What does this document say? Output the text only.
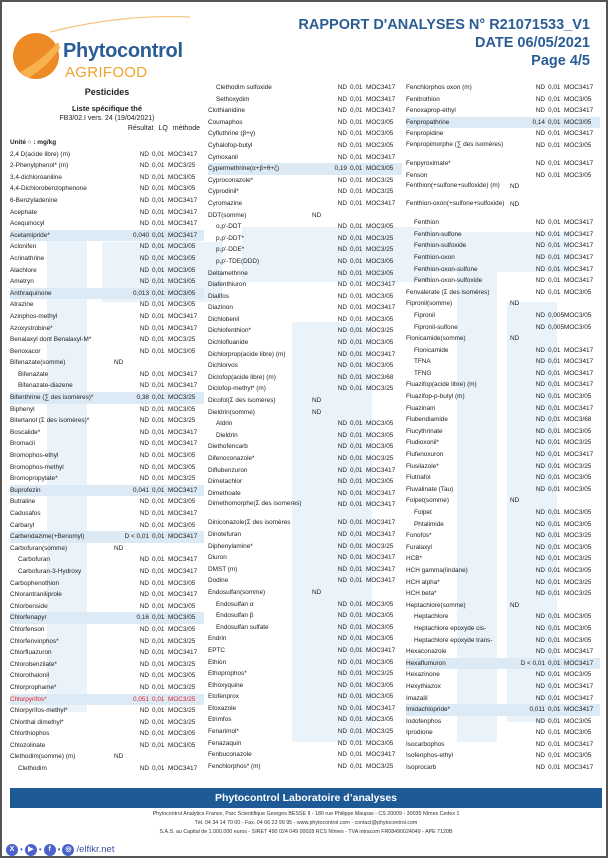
Phytocontrol
AGRIFOOD
RAPPORT D'ANALYSES N° R21071533_V1
DATE 06/05/2021
Page 4/5
Pesticides
Liste spécifique thé
FB3/02.I vers. 24 (19/04/2021)
Résultat LQ méthode
Unité ○ : mg/kg
2,4 D(acide libre) (m)	ND 0,01 MOC3417
2-Phenylphenol* (m)	ND 0,01 MOC3/25
3,4-dichloroaniline	ND 0,01 MOC3/05
4,4-Dichlorobenzophenone	ND 0,01 MOC3/05
6-Benzyladenine	ND 0,01 MOC3417
Acephate	ND 0,01 MOC3417
Acequinocyl	ND 0,01 MOC3417
Acetamipride*	0,040 0,01 MOC3417
Aclonifen	ND 0,01 MOC3/05
Acrinathrine	ND 0,01 MOC3/05
Alachlore	ND 0,01 MOC3/05
Ametryn	ND 0,01 MOC3/05
Anthraquinone	0,013 0,01 MOC3/05
Atrazine	ND 0,01 MOC3/05
Azinphos-methyl	ND 0,01 MOC3417
Azoxystrobine*	ND 0,01 MOC3417
Benalaxyl dont Benalaxyl-M*	ND 0,01 MOC3/25
Benoxacor	ND 0,01 MOC3/05
Bifenazate(somme)	ND
Bifenazate	ND 0,01 MOC3417
Bifenazate-diazene	ND 0,01 MOC3417
Bifenthrine (∑ des isomères)*	0,38 0,01 MOC3/25
Biphenyl	ND 0,01 MOC3/05
Bitertanol (Σ des isomères)*	ND 0,01 MOC3/25
Boscalide*	ND 0,01 MOC3417
Bromacil	ND 0,01 MOC3417
Bromophos-ethyl	ND 0,01 MOC3/05
Bromophos-methyl	ND 0,01 MOC3/05
Bromopropylate*	ND 0,01 MOC3/25
Buprofezin	0,041 0,01 MOC3417
Butraline	ND 0,01 MOC3/05
Cadusafos	ND 0,01 MOC3417
Carbaryl	ND 0,01 MOC3/05
Carbendazime(+Benomyl)	D < 0,01 0,01 MOC3417
Carbofuran(somme)	ND
Carbofuran	ND 0,01 MOC3417
Carbofuran-3-Hydroxy	ND 0,01 MOC3417
Carbophenothion	ND 0,01 MOC3/05
Chlorantraniliprole	ND 0,01 MOC3417
Chlorbenside	ND 0,01 MOC3/05
Chlorfenapyr	0,16 0,01 MOC3/05
Chlorfenson	ND 0,01 MOC3/05
Chlorfenvinphos*	ND 0,01 MOC3/25
Chlorfluazuron	ND 0,01 MOC3417
Chlorobenzilate*	ND 0,01 MOC3/25
Chlorothalonil	ND 0,01 MOC3/05
Chlorprophame*	ND 0,01 MOC3/25
Chlorpyrifos*	0,051 0,01 MOC3/25
Chlorpyrifos-methyl*	ND 0,01 MOC3/25
Chlorthal dimethyl*	ND 0,01 MOC3/25
Chlorthiophos	ND 0,01 MOC3/05
Chlozolinate	ND 0,01 MOC3/05
Clethodim(somme) (m)	ND
Clethodim	ND 0,01 MOC3417
Clethodim sulfoxide	ND 0,01 MOC3417
Sethoxydim	ND 0,01 MOC3417
Clothianidine	ND 0,01 MOC3417
Coumaphos	ND 0,01 MOC3/05
Cyfluthrine (β+γ)	ND 0,01 MOC3/05
Cyhalofop-butyl	ND 0,01 MOC3/05
Cymoxanil	ND 0,01 MOC3417
Cypermethrine(α+β+θ+ζ)	0,19 0,01 MOC3/05
Cyproconazole*	ND 0,01 MOC3/25
Cyprodinil*	ND 0,01 MOC3/25
Cyromazine	ND 0,01 MOC3417
DDT(somme)	ND
o,p'-DDT	ND 0,01 MOC3/05
p,p'-DDT*	ND 0,01 MOC3/25
p,p'-DDE*	ND 0,01 MOC3/25
p,p'-TDE(DDD)	ND 0,01 MOC3/05
Deltamethrine	ND 0,01 MOC3/05
Diafenthiuron	ND 0,01 MOC3417
Dialifos	ND 0,01 MOC3/05
Diazinon	ND 0,01 MOC3417
Dichlobenil	ND 0,01 MOC3/05
Dichlofenthion*	ND 0,01 MOC3/25
Dichlofluanide	ND 0,01 MOC3/05
Dichlorprop(acide libre) (m)	ND 0,01 MOC3417
Dichlorvos	ND 0,01 MOC3/05
Diclofop(acide libre) (m)	ND 0,01 MOC3/68
Diclofop-methyl* (m)	ND 0,01 MOC3/25
Dicofol(Σ des isomères)	ND
Dieldrin(somme)	ND
Aldrin	ND 0,01 MOC3/05
Dieldrin	ND 0,01 MOC3/05
Diethofencarb	ND 0,01 MOC3/05
Difenoconazole*	ND 0,01 MOC3/25
Diflubenzuron	ND 0,01 MOC3417
Dimetachlor	ND 0,01 MOC3/05
Dimethoate	ND 0,01 MOC3417
Dimethomorphe(Σ des isomeres)	ND 0,01 MOC3417
Diniconazole(Σ des isomères	ND 0,01 MOC3417
Dinotefuran	ND 0,01 MOC3417
Diphenylamine*	ND 0,01 MOC3/25
Diuron	ND 0,01 MOC3417
DMST (m)	ND 0,01 MOC3417
Dodine	ND 0,01 MOC3417
Endosulfan(somme)	ND
Endosulfan α	ND 0,01 MOC3/05
Endosulfan β	ND 0,01 MOC3/05
Endosulfan sulfate	ND 0,01 MOC3/05
Endrin	ND 0,01 MOC3/05
EPTC	ND 0,01 MOC3417
Ethion	ND 0,01 MOC3/05
Ethoprophos*	ND 0,01 MOC3/25
Ethoxyquine	ND 0,01 MOC3/05
Etofenprox	ND 0,01 MOC3/05
Etoxazole	ND 0,01 MOC3417
Etrimfos	ND 0,01 MOC3/05
Fenarimol*	ND 0,01 MOC3/25
Fenazaquin	ND 0,01 MOC3/05
Fenbuconazole	ND 0,01 MOC3417
Fenchlorphos* (m)	ND 0,01 MOC3/25
Fenchlorphos oxon (m)	ND 0,01 MOC3417
Fenitrothion	ND 0,01 MOC3/05
Fenoxaprop-ethyl	ND 0,01 MOC3417
Fenpropathrine	0,14 0,01 MOC3/05
Fenpropidine	ND 0,01 MOC3417
Fenpropimorphe (∑ des isomères)	ND 0,01 MOC3/05
Fenpyroximate*	ND 0,01 MOC3417
Fenson	ND 0,01 MOC3/05
Fenthion(+sulfone+sulfoxide) (m)	ND
Fenthion-oxon(+sulfone+sulfoxide) ND
Fenthion	ND 0,01 MOC3417
Fenthion-sulfone	ND 0,01 MOC3417
Fenthion-sulfoxide	ND 0,01 MOC3417
Fenthion-oxon	ND 0,01 MOC3417
Fenthion-oxon-sulfone	ND 0,01 MOC3417
Fenthion-oxon-sulfoxide	ND 0,01 MOC3417
Fenvalerate (Σ des isomères)	ND 0,01 MOC3/05
Fipronil(somme)	ND
Fipronil	ND 0,005 MOC3/05
Fipronil-sulfone	ND 0,005 MOC3/05
Flonicamide(somme)	ND
Flonicamide	ND 0,01 MOC3417
TFNA	ND 0,01 MOC3417
TFNG	ND 0,01 MOC3417
Fluazifop(acide libre) (m)	ND 0,01 MOC3417
Fluazifop-p-butyl (m)	ND 0,01 MOC3/05
Fluazinam	ND 0,01 MOC3417
Flubendiamide	ND 0,01 MOC3/68
Flucythrinate	ND 0,01 MOC3/05
Fludioxonil*	ND 0,01 MOC3/25
Flufenoxuron	ND 0,01 MOC3417
Flusilazole*	ND 0,01 MOC3/25
Flutriafol	ND 0,01 MOC3/05
Fluvalinate (Tau)	ND 0,01 MOC3/05
Folpet(somme)	ND
Folpet	ND 0,01 MOC3/05
Phtalimide	ND 0,01 MOC3/05
Fonofos*	ND 0,01 MOC3/25
Furalaxyl	ND 0,01 MOC3/05
HCB*	ND 0,01 MOC3/25
HCH gamma(lindane)	ND 0,01 MOC3/05
HCH alpha*	ND 0,01 MOC3/25
HCH beta*	ND 0,01 MOC3/25
Heptachlore(somme)	ND
Heptachlore	ND 0,01 MOC3/05
Heptachlore epoxyde cis-	ND 0,01 MOC3/05
Heptachlore epoxyde trans-	ND 0,01 MOC3/05
Hexaconazole	ND 0,01 MOC3417
Hexaflumuron	D < 0,01 0,01 MOC3417
Hexazinone	ND 0,01 MOC3/05
Hexythiazox	ND 0,01 MOC3417
Imazalil	ND 0,01 MOC3417
Imidachlopride*	0,011 0,01 MOC3417
Iodofenphos	ND 0,01 MOC3/05
Iprodione	ND 0,01 MOC3/05
Isocarbophos	ND 0,01 MOC3417
Isofenphos-ethyl	ND 0,01 MOC3/05
Isoprocarb	ND 0,01 MOC3417
Phytocontrol Laboratoire d’analyses
Phytocontrol Analytics France, Parc Scientifique Georges BESSE II - 180 rue Philippe Maupas - CS 20009 - 30035 Nîmes Cedex 1
Tél. 04 34 14 70 00 - Fax. 04 66 23 99 95 - www.phytocontrol.com - contact@phytocontrol.com
S.A.S. au Capital de 1.000.000 euros - SIRET 490 024 049 00028 RCS Nîmes - TVA intracom FR08490024049 - APE 7120B
X • ▶ • f • ◎ /elfikr.net
